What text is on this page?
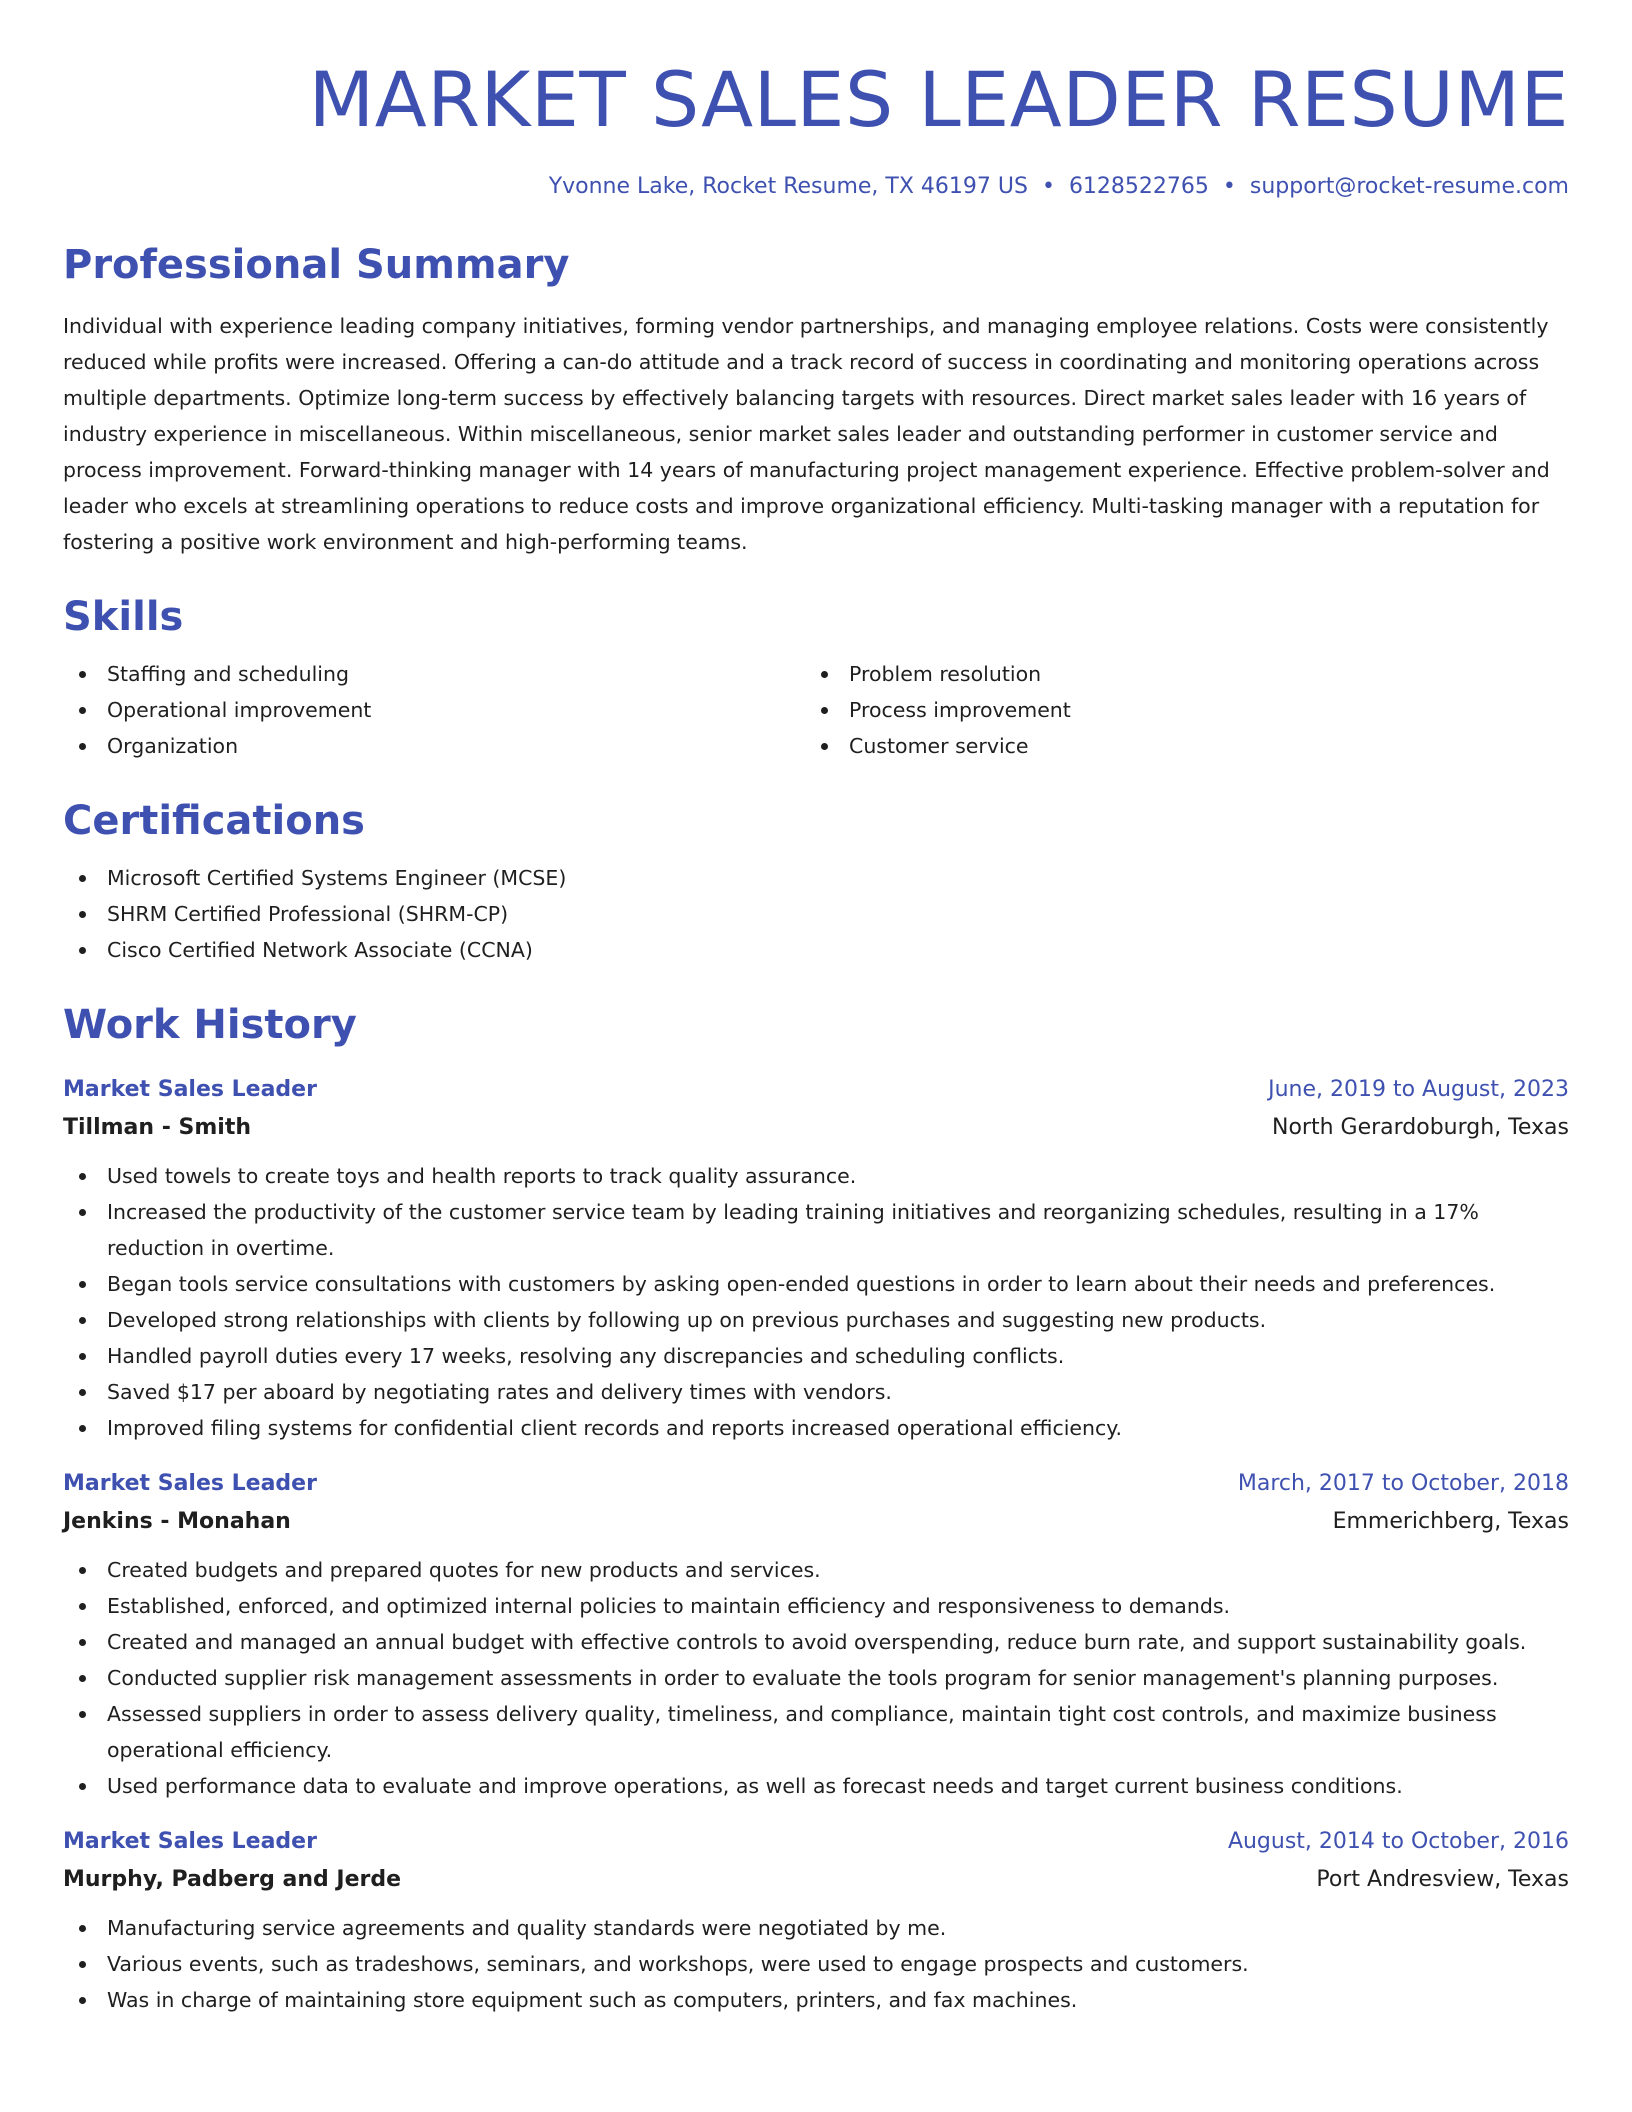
MARKET SALES LEADER RESUME
Yvonne Lake, Rocket Resume, TX 46197 US • 6128522765 • support@rocket-resume.com
Professional Summary
Individual with experience leading company initiatives, forming vendor partnerships, and managing employee relations. Costs were consistently reduced while profits were increased. Offering a can-do attitude and a track record of success in coordinating and monitoring operations across multiple departments. Optimize long-term success by effectively balancing targets with resources. Direct market sales leader with 16 years of industry experience in miscellaneous. Within miscellaneous, senior market sales leader and outstanding performer in customer service and process improvement. Forward-thinking manager with 14 years of manufacturing project management experience. Effective problem-solver and leader who excels at streamlining operations to reduce costs and improve organizational efficiency. Multi-tasking manager with a reputation for fostering a positive work environment and high-performing teams.
Skills
Staffing and scheduling
Operational improvement
Organization
Problem resolution
Process improvement
Customer service
Certifications
Microsoft Certified Systems Engineer (MCSE)
SHRM Certified Professional (SHRM-CP)
Cisco Certified Network Associate (CCNA)
Work History
Market Sales Leader	June, 2019 to August, 2023
Tillman - Smith	North Gerardoburgh, Texas
Used towels to create toys and health reports to track quality assurance.
Increased the productivity of the customer service team by leading training initiatives and reorganizing schedules, resulting in a 17% reduction in overtime.
Began tools service consultations with customers by asking open-ended questions in order to learn about their needs and preferences.
Developed strong relationships with clients by following up on previous purchases and suggesting new products.
Handled payroll duties every 17 weeks, resolving any discrepancies and scheduling conflicts.
Saved $17 per aboard by negotiating rates and delivery times with vendors.
Improved filing systems for confidential client records and reports increased operational efficiency.
Market Sales Leader	March, 2017 to October, 2018
Jenkins - Monahan	Emmerichberg, Texas
Created budgets and prepared quotes for new products and services.
Established, enforced, and optimized internal policies to maintain efficiency and responsiveness to demands.
Created and managed an annual budget with effective controls to avoid overspending, reduce burn rate, and support sustainability goals.
Conducted supplier risk management assessments in order to evaluate the tools program for senior management's planning purposes.
Assessed suppliers in order to assess delivery quality, timeliness, and compliance, maintain tight cost controls, and maximize business operational efficiency.
Used performance data to evaluate and improve operations, as well as forecast needs and target current business conditions.
Market Sales Leader	August, 2014 to October, 2016
Murphy, Padberg and Jerde	Port Andresview, Texas
Manufacturing service agreements and quality standards were negotiated by me.
Various events, such as tradeshows, seminars, and workshops, were used to engage prospects and customers.
Was in charge of maintaining store equipment such as computers, printers, and fax machines.
